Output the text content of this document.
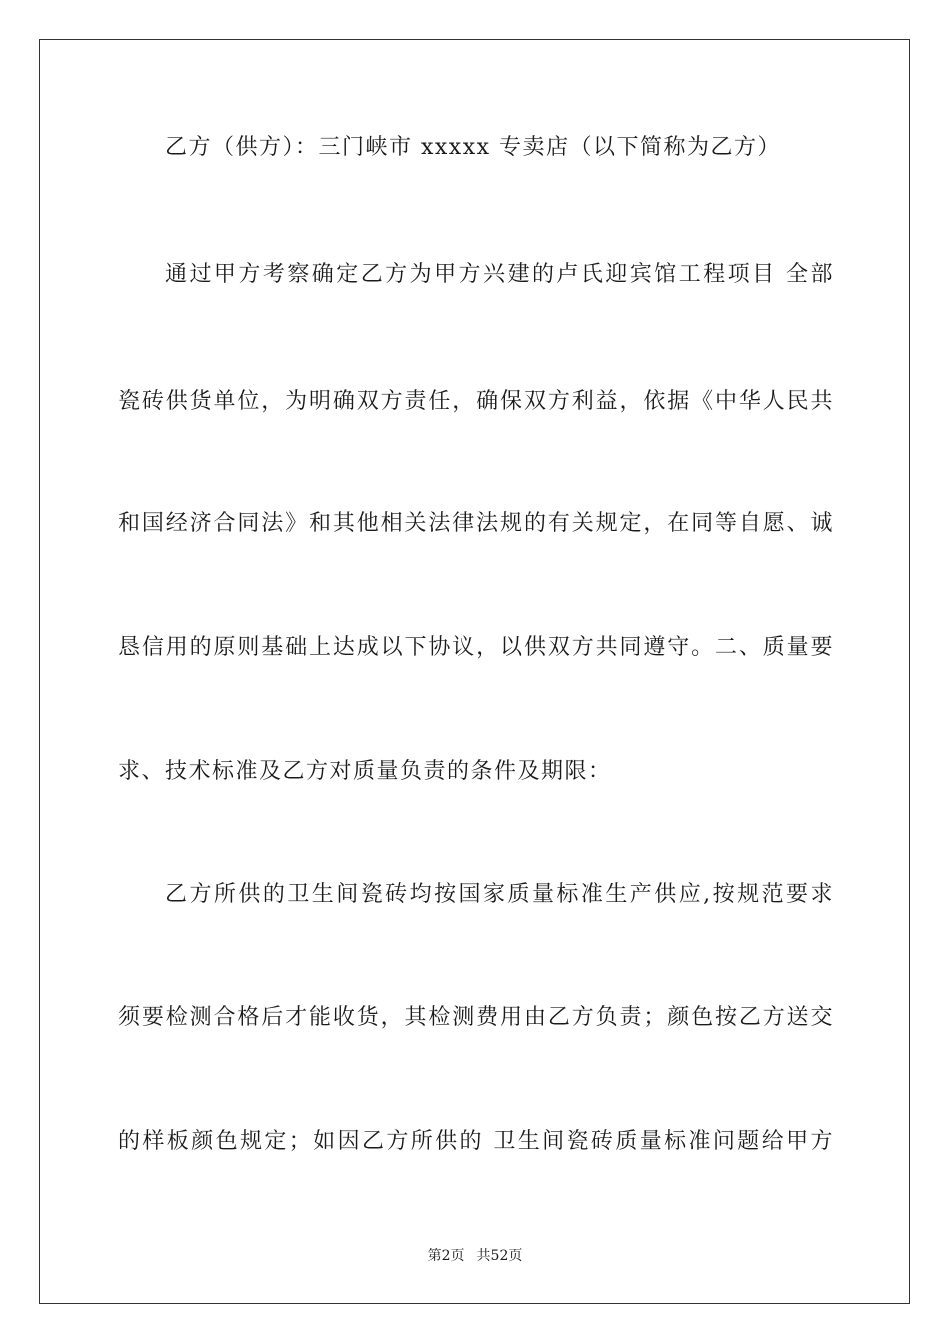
乙方（供方）：三门峡市 xxxxx 专卖店（以下简称为乙方）
通过甲方考察确定乙方为甲方兴建的卢氏迎宾馆工程项目 全部
瓷砖供货单位，为明确双方责任，确保双方利益，依据《中华人民共
和国经济合同法》和其他相关法律法规的有关规定，在同等自愿、诚
恳信用的原则基础上达成以下协议，以供双方共同遵守。二、质量要
求、技术标准及乙方对质量负责的条件及期限：
乙方所供的卫生间瓷砖均按国家质量标准生产供应,按规范要求
须要检测合格后才能收货，其检测费用由乙方负责；颜色按乙方送交
的样板颜色规定；如因乙方所供的 卫生间瓷砖质量标准问题给甲方
第2页 共52页
